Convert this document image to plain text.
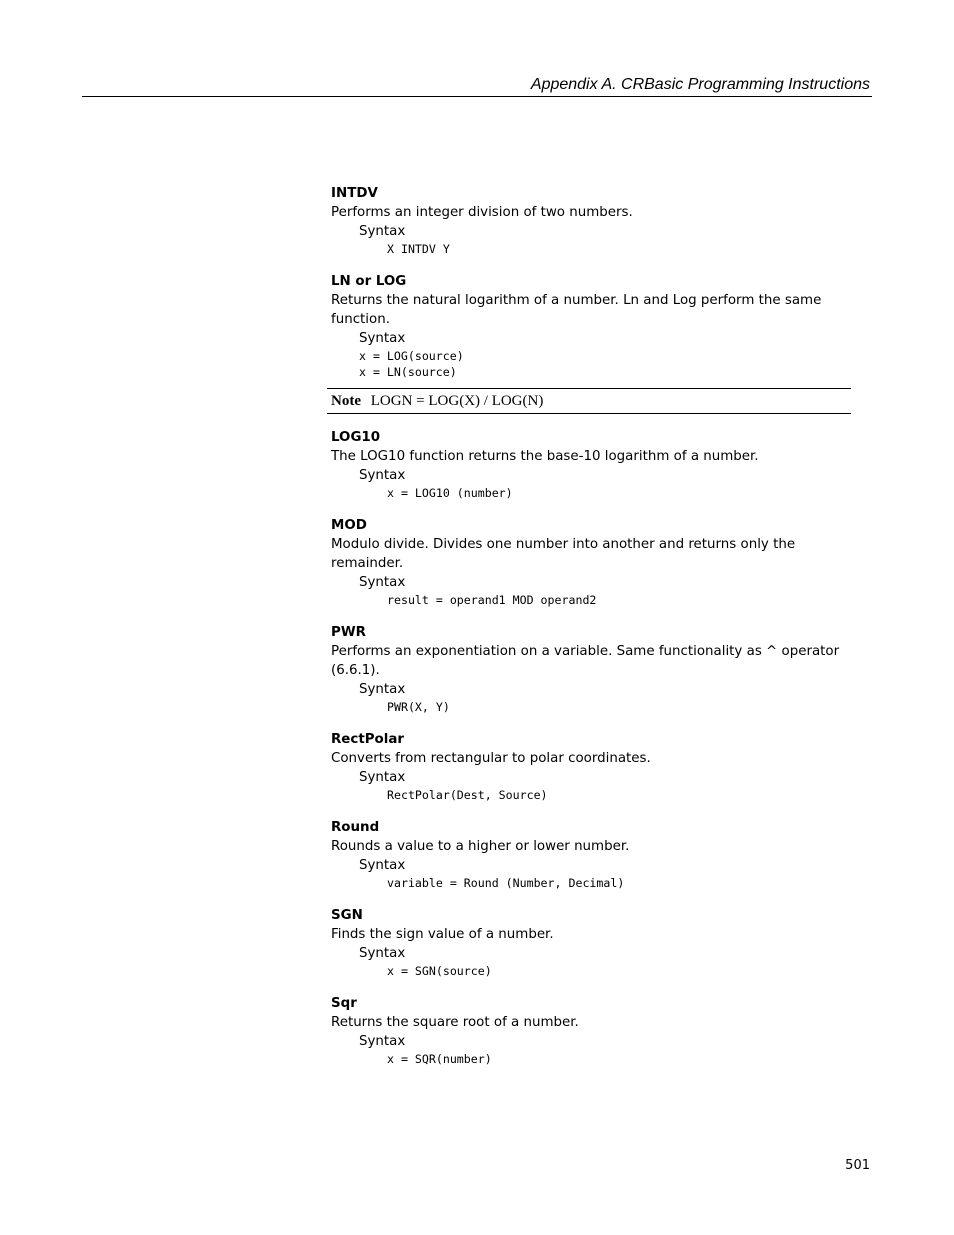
Appendix A. CRBasic Programming Instructions
INTDV
Performs an integer division of two numbers.
Syntax
X INTDV Y
LN or LOG
Returns the natural logarithm of a number. Ln and Log perform the same function.
Syntax
x = LOG(source)
x = LN(source)
Note LOGN = LOG(X) / LOG(N)
LOG10
The LOG10 function returns the base-10 logarithm of a number.
Syntax
x = LOG10 (number)
MOD
Modulo divide. Divides one number into another and returns only the remainder.
Syntax
result = operand1 MOD operand2
PWR
Performs an exponentiation on a variable. Same functionality as ^ operator (6.6.1).
Syntax
PWR(X, Y)
RectPolar
Converts from rectangular to polar coordinates.
Syntax
RectPolar(Dest, Source)
Round
Rounds a value to a higher or lower number.
Syntax
variable = Round (Number, Decimal)
SGN
Finds the sign value of a number.
Syntax
x = SGN(source)
Sqr
Returns the square root of a number.
Syntax
x = SQR(number)
501
